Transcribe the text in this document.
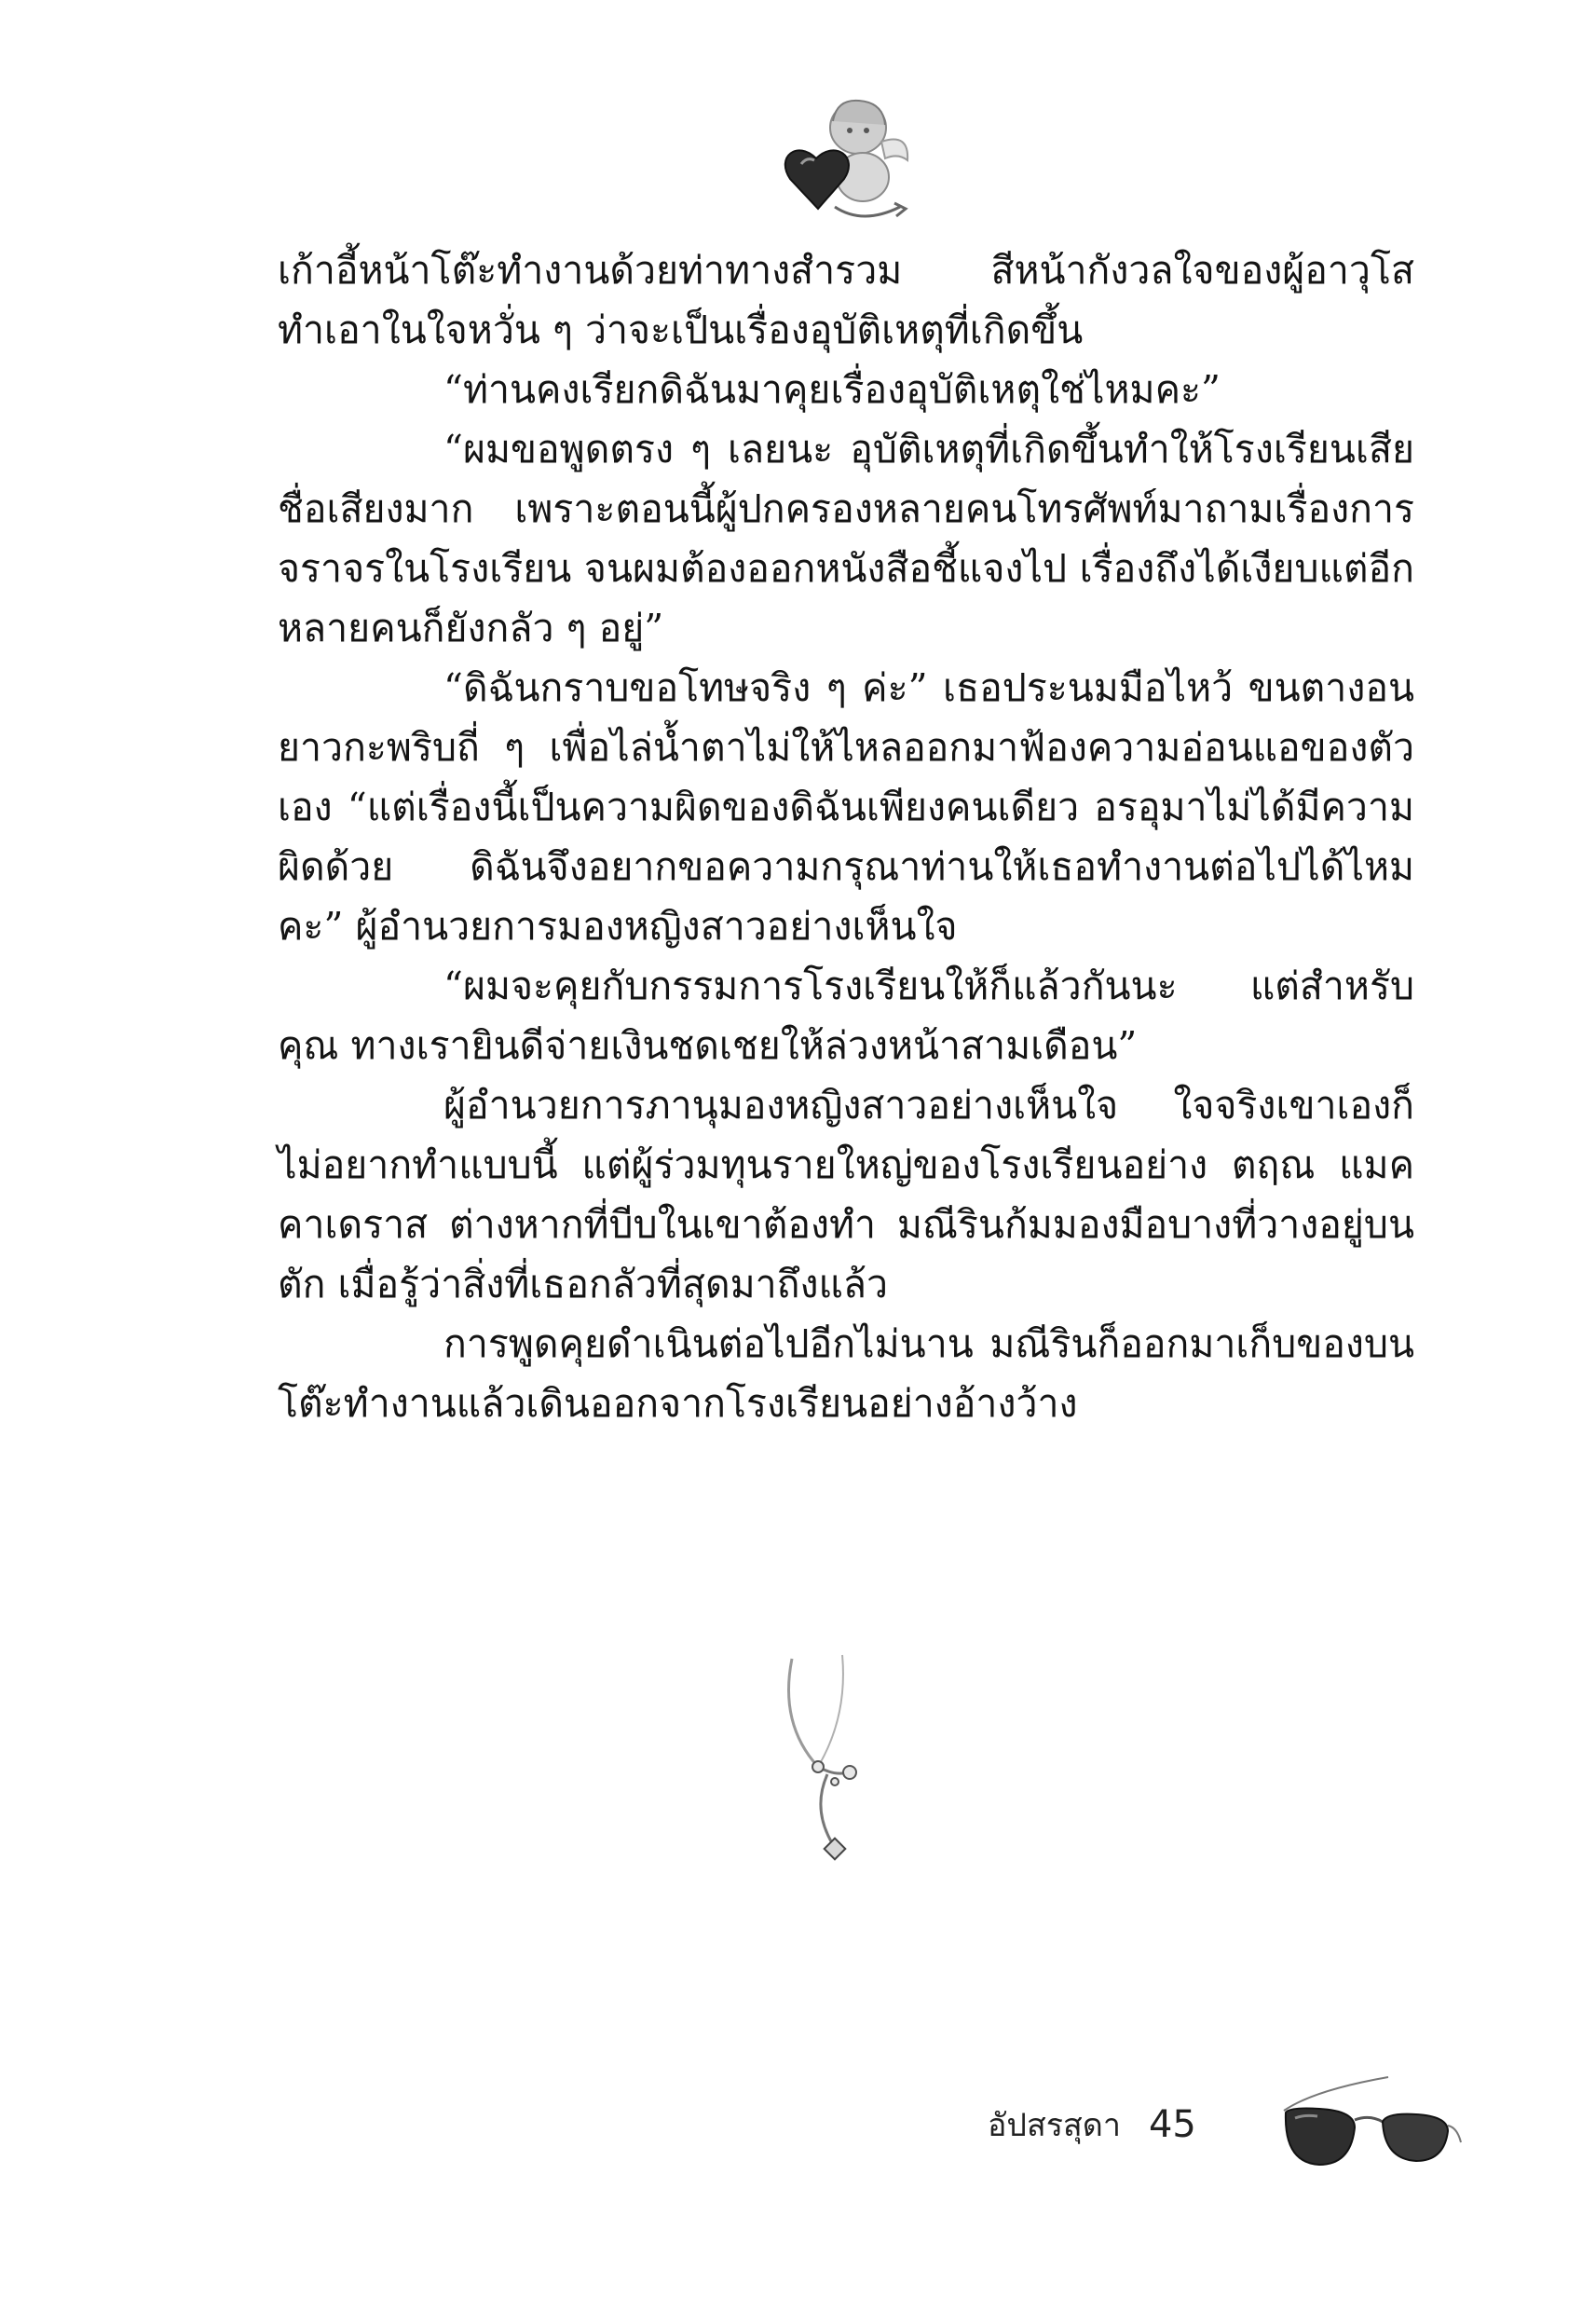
เก้าอี้หน้าโต๊ะทำงานด้วยท่าทางสำรวม สีหน้ากังวลใจของผู้อาวุโสทำเอาในใจหวั่น ๆ ว่าจะเป็นเรื่องอุบัติเหตุที่เกิดขึ้น

“ท่านคงเรียกดิฉันมาคุยเรื่องอุบัติเหตุใช่ไหมคะ”

“ผมขอพูดตรง ๆ เลยนะ อุบัติเหตุที่เกิดขึ้นทำให้โรงเรียนเสียชื่อเสียงมาก เพราะตอนนี้ผู้ปกครองหลายคนโทรศัพท์มาถามเรื่องการจราจรในโรงเรียน จนผมต้องออกหนังสือชี้แจงไป เรื่องถึงได้เงียบแต่อีกหลายคนก็ยังกลัว ๆ อยู่”

“ดิฉันกราบขอโทษจริง ๆ ค่ะ” เธอประนมมือไหว้ ขนตางอนยาวกะพริบถี่ ๆ เพื่อไล่น้ำตาไม่ให้ไหลออกมาฟ้องความอ่อนแอของตัวเอง “แต่เรื่องนี้เป็นความผิดของดิฉันเพียงคนเดียว อรอุมาไม่ได้มีความผิดด้วย ดิฉันจึงอยากขอความกรุณาท่านให้เธอทำงานต่อไปได้ไหมคะ” ผู้อำนวยการมองหญิงสาวอย่างเห็นใจ

“ผมจะคุยกับกรรมการโรงเรียนให้ก็แล้วกันนะ แต่สำหรับคุณ ทางเรายินดีจ่ายเงินชดเชยให้ล่วงหน้าสามเดือน”

ผู้อำนวยการภานุมองหญิงสาวอย่างเห็นใจ ใจจริงเขาเองก็ไม่อยากทำแบบนี้ แต่ผู้ร่วมทุนรายใหญ่ของโรงเรียนอย่าง ตฤณ แมคคาเดราส ต่างหากที่บีบในเขาต้องทำ มณีรินก้มมองมือบางที่วางอยู่บนตัก เมื่อรู้ว่าสิ่งที่เธอกลัวที่สุดมาถึงแล้ว

การพูดคุยดำเนินต่อไปอีกไม่นาน มณีรินก็ออกมาเก็บของบนโต๊ะทำงานแล้วเดินออกจากโรงเรียนอย่างอ้างว้าง

อัปสรสุดา 45
